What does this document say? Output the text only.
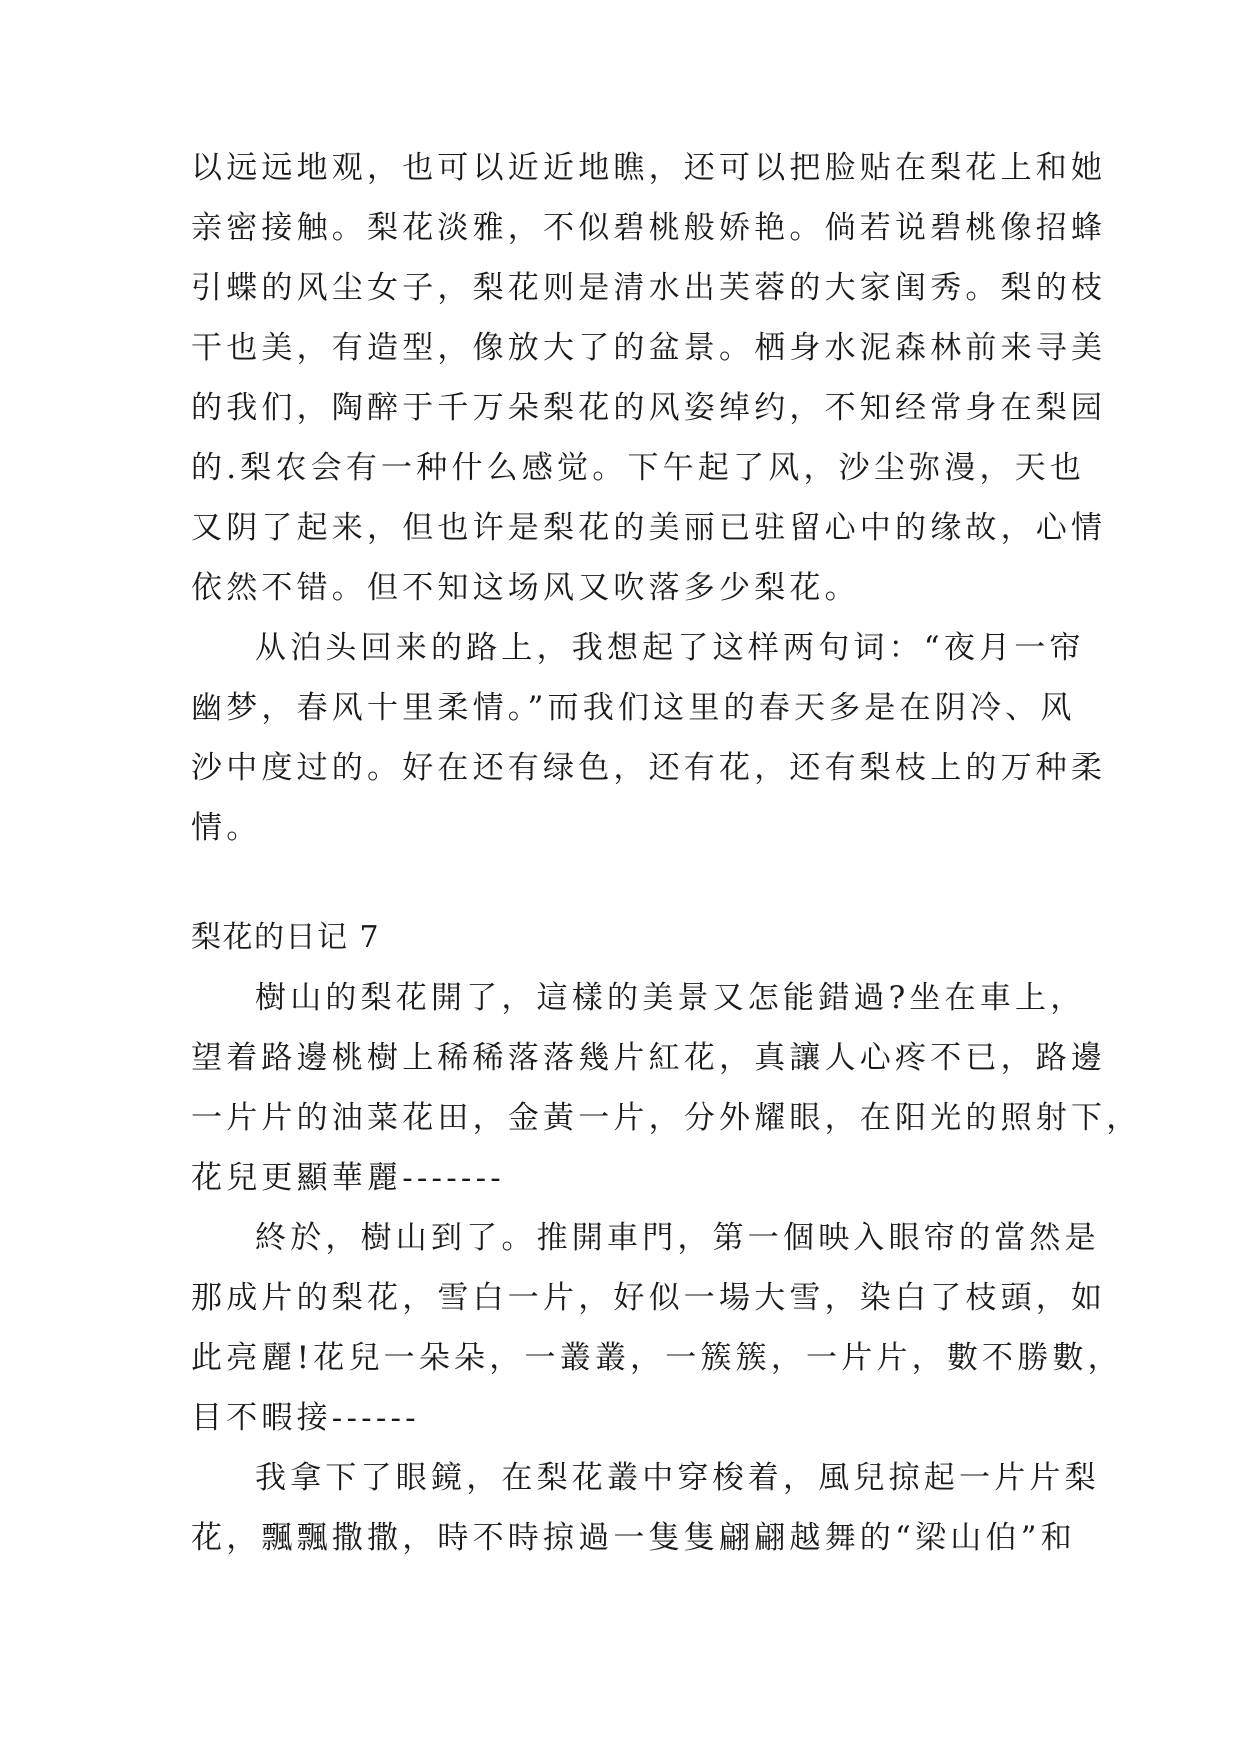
以远远地观，也可以近近地瞧，还可以把脸贴在梨花上和她
亲密接触。梨花淡雅，不似碧桃般娇艳。倘若说碧桃像招蜂
引蝶的风尘女子，梨花则是清水出芙蓉的大家闺秀。梨的枝
干也美，有造型，像放大了的盆景。栖身水泥森林前来寻美
的我们，陶醉于千万朵梨花的风姿绰约，不知经常身在梨园
的.梨农会有一种什么感觉。下午起了风，沙尘弥漫，天也
又阴了起来，但也许是梨花的美丽已驻留心中的缘故，心情
依然不错。但不知这场风又吹落多少梨花。
从泊头回来的路上，我想起了这样两句词：“夜月一帘
幽梦，春风十里柔情。”而我们这里的春天多是在阴冷、风
沙中度过的。好在还有绿色，还有花，还有梨枝上的万种柔
情。
梨花的日记 7
樹山的梨花開了，這樣的美景又怎能錯過?坐在車上，
望着路邊桃樹上稀稀落落幾片紅花，真讓人心疼不已，路邊
一片片的油菜花田，金黃一片，分外耀眼，在阳光的照射下，
花兒更顯華麗-------
終於，樹山到了。推開車門，第一個映入眼帘的當然是
那成片的梨花，雪白一片，好似一場大雪，染白了枝頭，如
此亮麗!花兒一朵朵，一叢叢，一簇簇，一片片，數不勝數，
目不暇接------
我拿下了眼鏡，在梨花叢中穿梭着，風兒掠起一片片梨
花，飄飄撒撒，時不時掠過一隻隻翩翩越舞的“梁山伯”和
